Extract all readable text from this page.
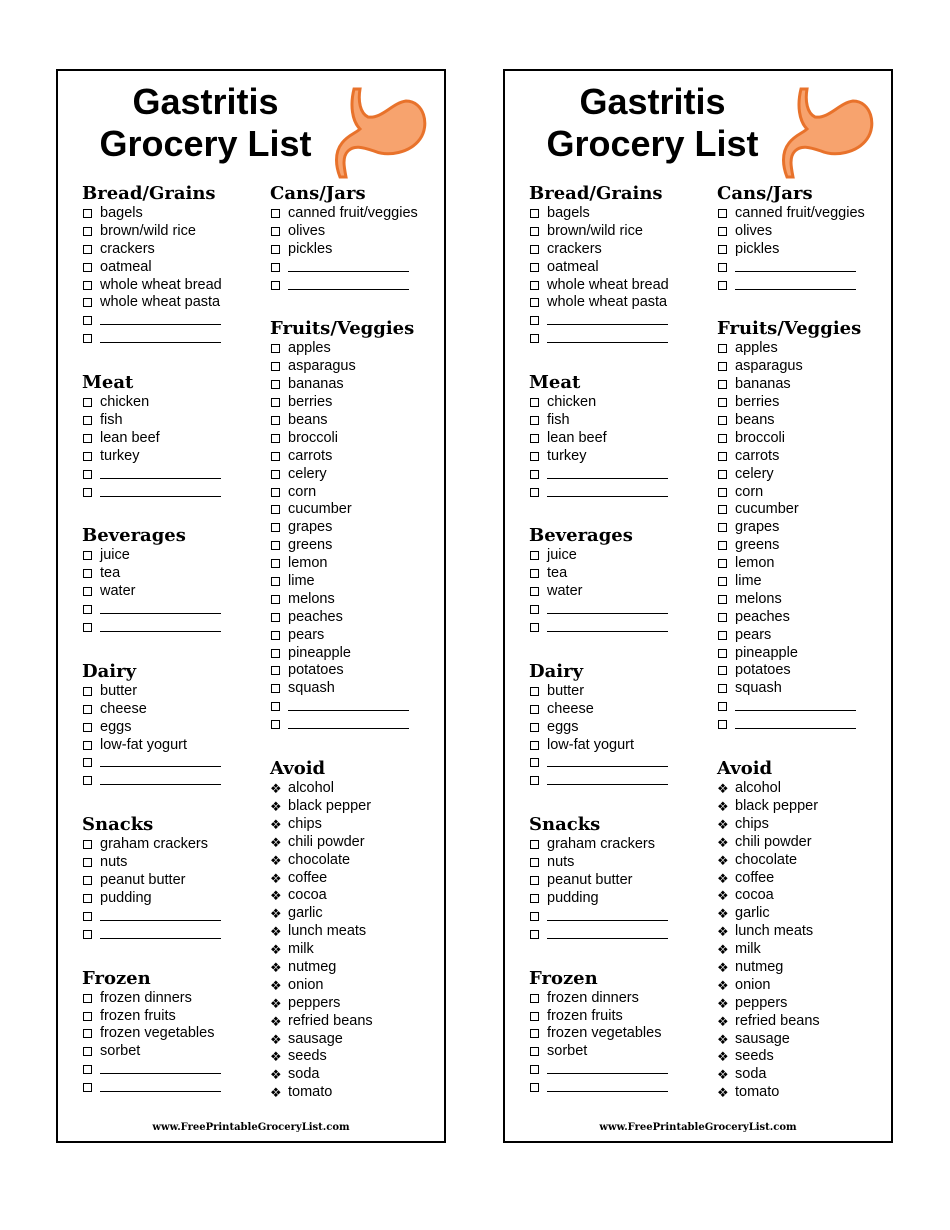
Gastritis
Grocery List
Bread/Grains
bagels
brown/wild rice
crackers
oatmeal
whole wheat bread
whole wheat pasta
Meat
chicken
fish
lean beef
turkey
Beverages
juice
tea
water
Dairy
butter
cheese
eggs
low-fat yogurt
Snacks
graham crackers
nuts
peanut butter
pudding
Frozen
frozen dinners
frozen fruits
frozen vegetables
sorbet
Cans/Jars
canned fruit/veggies
olives
pickles
Fruits/Veggies
apples
asparagus
bananas
berries
beans
broccoli
carrots
celery
corn
cucumber
grapes
greens
lemon
lime
melons
peaches
pears
pineapple
potatoes
squash
Avoid
❖ alcohol
❖ black pepper
❖ chips
❖ chili powder
❖ chocolate
❖ coffee
❖ cocoa
❖ garlic
❖ lunch meats
❖ milk
❖ nutmeg
❖ onion
❖ peppers
❖ refried beans
❖ sausage
❖ seeds
❖ soda
❖ tomato
www.FreePrintableGroceryList.com
Gastritis
Grocery List
Bread/Grains
bagels
brown/wild rice
crackers
oatmeal
whole wheat bread
whole wheat pasta
Meat
chicken
fish
lean beef
turkey
Beverages
juice
tea
water
Dairy
butter
cheese
eggs
low-fat yogurt
Snacks
graham crackers
nuts
peanut butter
pudding
Frozen
frozen dinners
frozen fruits
frozen vegetables
sorbet
Cans/Jars
canned fruit/veggies
olives
pickles
Fruits/Veggies
apples
asparagus
bananas
berries
beans
broccoli
carrots
celery
corn
cucumber
grapes
greens
lemon
lime
melons
peaches
pears
pineapple
potatoes
squash
Avoid
❖ alcohol
❖ black pepper
❖ chips
❖ chili powder
❖ chocolate
❖ coffee
❖ cocoa
❖ garlic
❖ lunch meats
❖ milk
❖ nutmeg
❖ onion
❖ peppers
❖ refried beans
❖ sausage
❖ seeds
❖ soda
❖ tomato
www.FreePrintableGroceryList.com
